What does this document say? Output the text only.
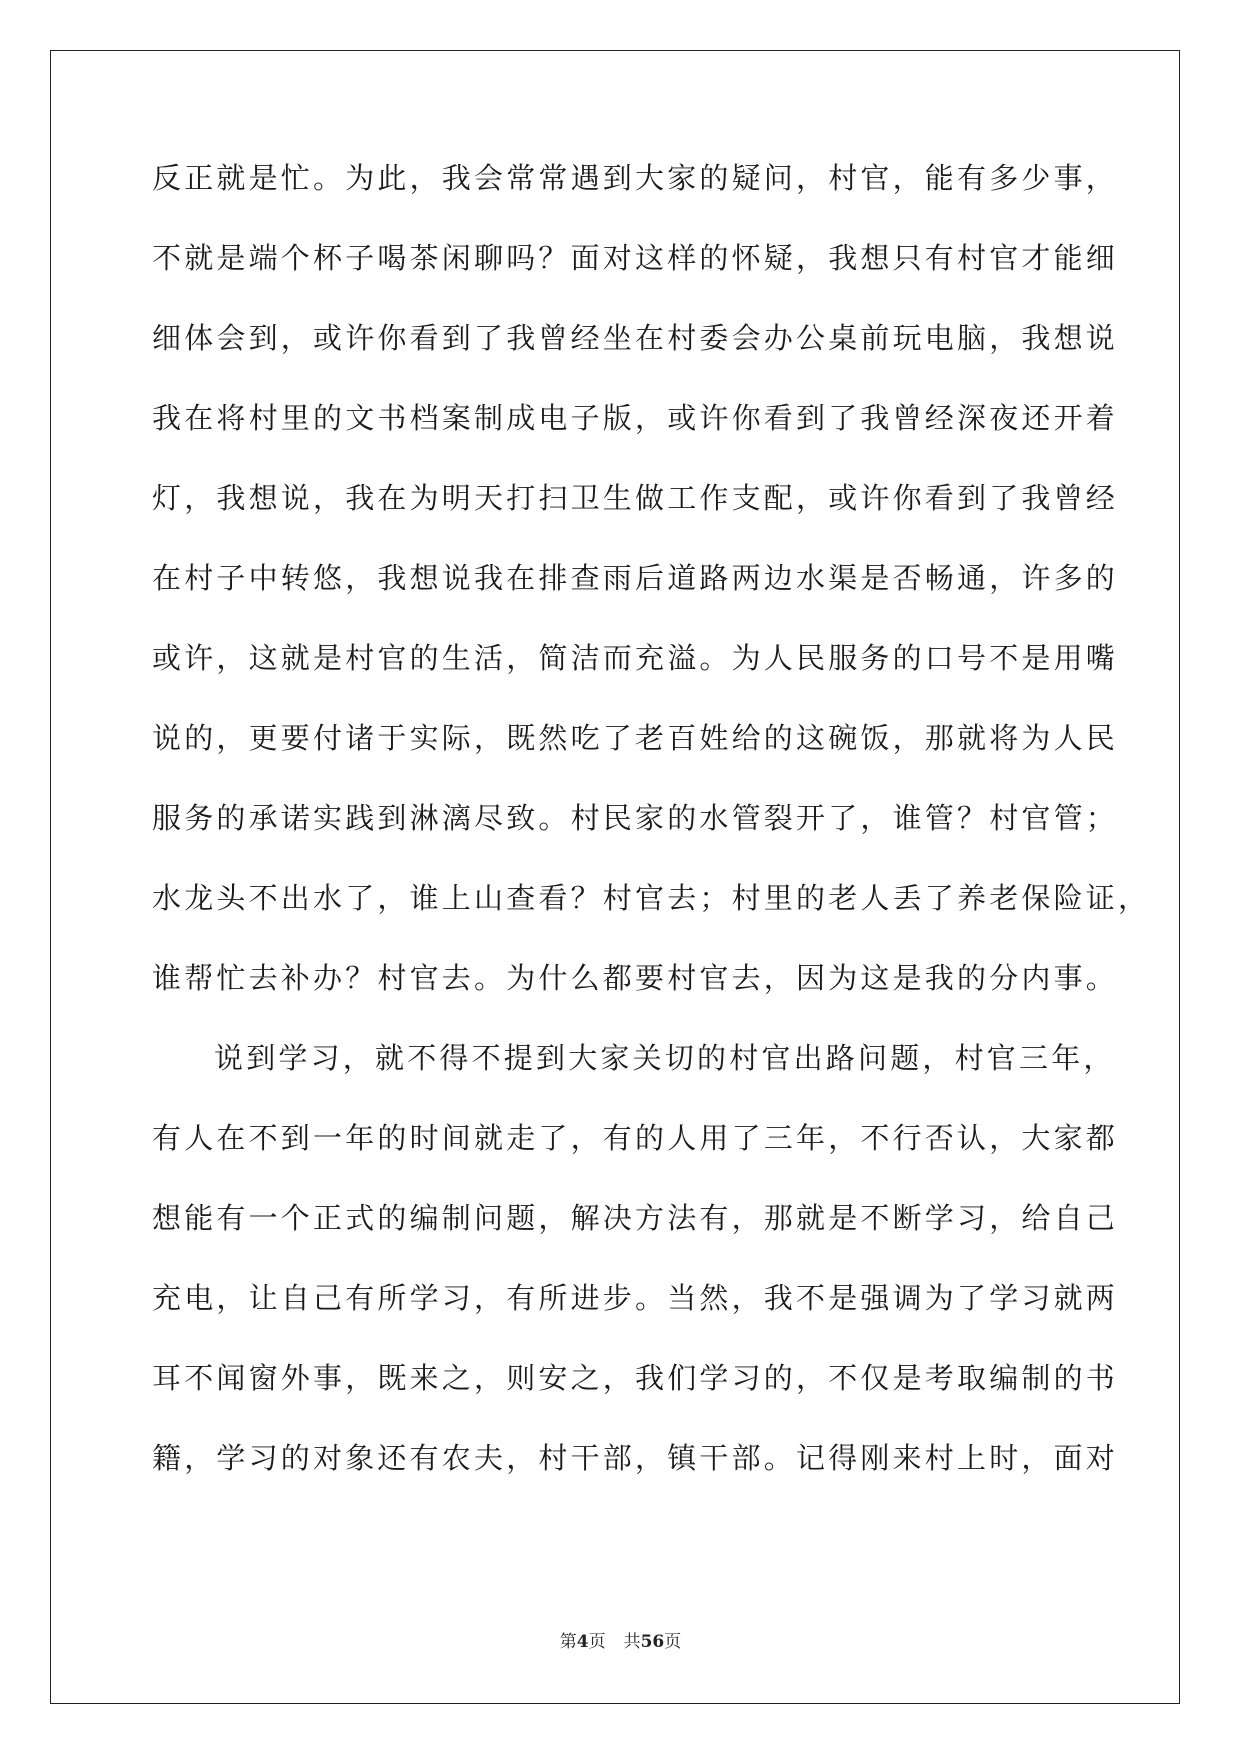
反正就是忙。为此，我会常常遇到大家的疑问，村官，能有多少事，
不就是端个杯子喝茶闲聊吗？面对这样的怀疑，我想只有村官才能细
细体会到，或许你看到了我曾经坐在村委会办公桌前玩电脑，我想说
我在将村里的文书档案制成电子版，或许你看到了我曾经深夜还开着
灯，我想说，我在为明天打扫卫生做工作支配，或许你看到了我曾经
在村子中转悠，我想说我在排查雨后道路两边水渠是否畅通，许多的
或许，这就是村官的生活，简洁而充溢。为人民服务的口号不是用嘴
说的，更要付诸于实际，既然吃了老百姓给的这碗饭，那就将为人民
服务的承诺实践到淋漓尽致。村民家的水管裂开了，谁管？村官管；
水龙头不出水了，谁上山查看？村官去；村里的老人丢了养老保险证，
谁帮忙去补办？村官去。为什么都要村官去，因为这是我的分内事。
说到学习，就不得不提到大家关切的村官出路问题，村官三年，
有人在不到一年的时间就走了，有的人用了三年，不行否认，大家都
想能有一个正式的编制问题，解决方法有，那就是不断学习，给自己
充电，让自己有所学习，有所进步。当然，我不是强调为了学习就两
耳不闻窗外事，既来之，则安之，我们学习的，不仅是考取编制的书
籍，学习的对象还有农夫，村干部，镇干部。记得刚来村上时，面对
第4页 共56页
